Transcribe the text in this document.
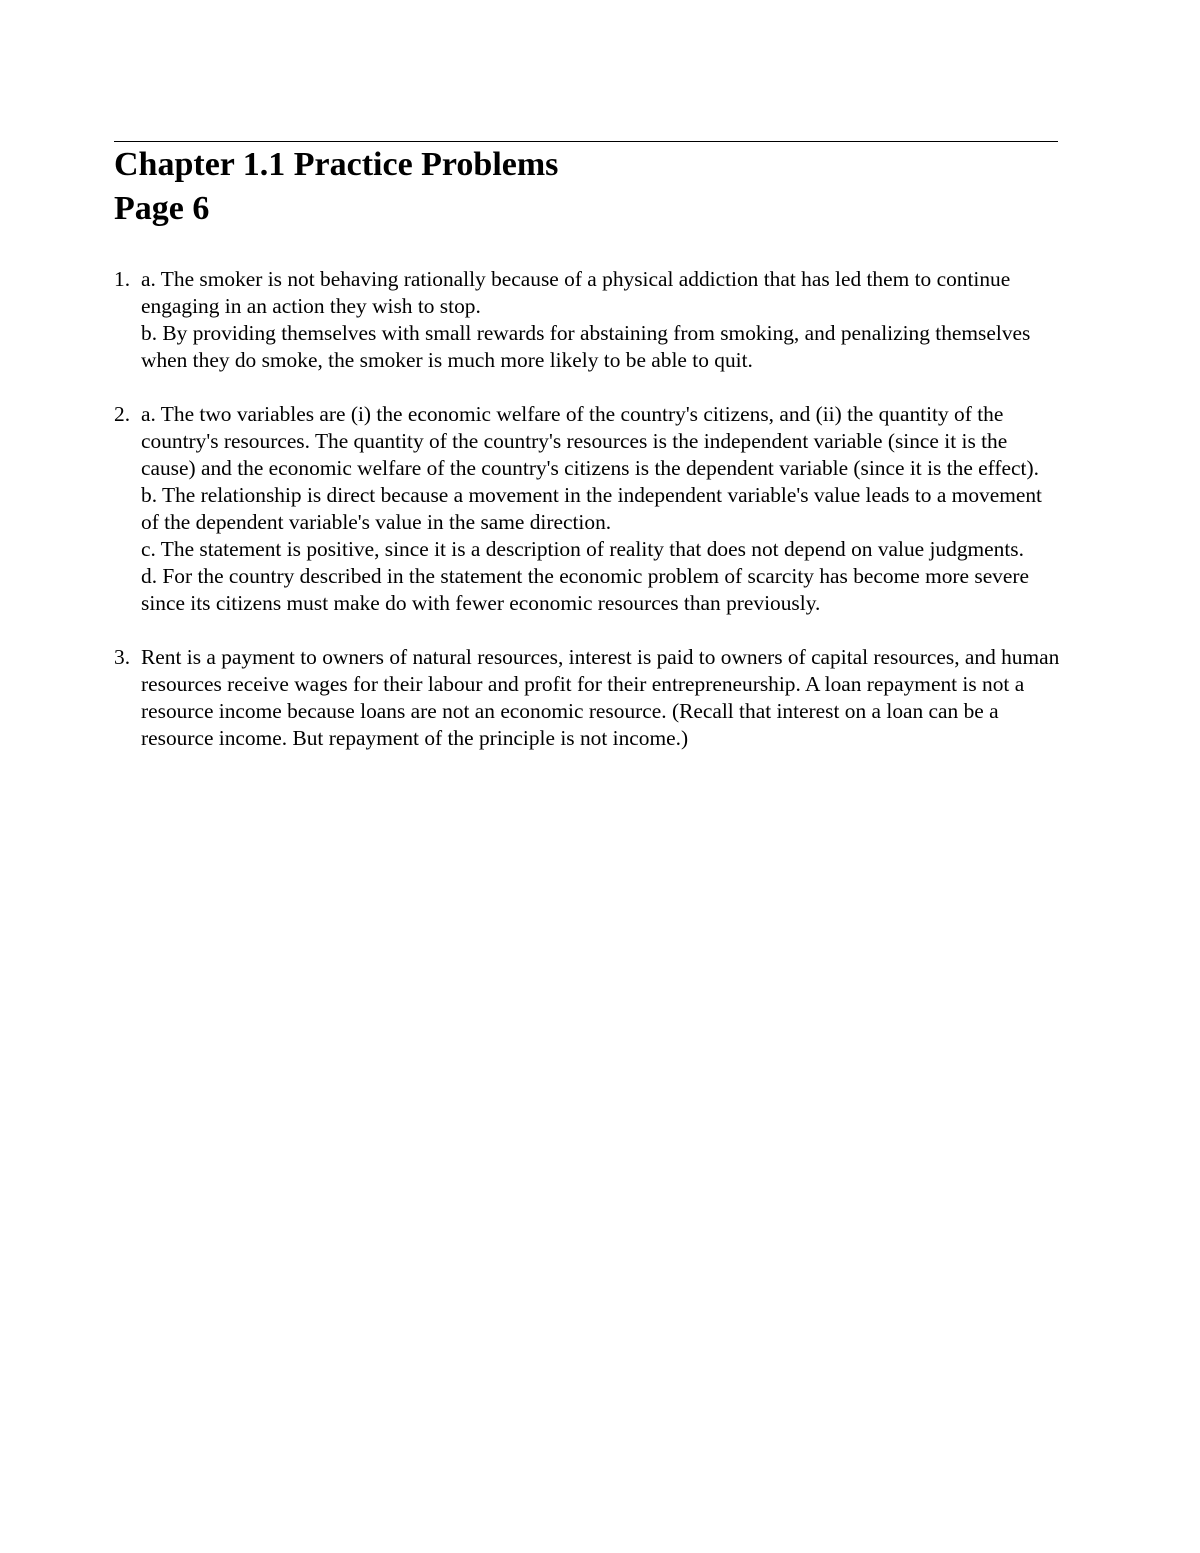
Chapter 1.1 Practice Problems
Page 6
1. a. The smoker is not behaving rationally because of a physical addiction that has led them to continue engaging in an action they wish to stop.

b. By providing themselves with small rewards for abstaining from smoking, and penalizing themselves when they do smoke, the smoker is much more likely to be able to quit.

2. a. The two variables are (i) the economic welfare of the country's citizens, and (ii) the quantity of the country's resources. The quantity of the country's resources is the independent variable (since it is the cause) and the economic welfare of the country's citizens is the dependent variable (since it is the effect).

b. The relationship is direct because a movement in the independent variable's value leads to a movement of the dependent variable's value in the same direction.

c. The statement is positive, since it is a description of reality that does not depend on value judgments.

d. For the country described in the statement the economic problem of scarcity has become more severe since its citizens must make do with fewer economic resources than previously.

3. Rent is a payment to owners of natural resources, interest is paid to owners of capital resources, and human resources receive wages for their labour and profit for their entrepreneurship. A loan repayment is not a resource income because loans are not an economic resource. (Recall that interest on a loan can be a resource income. But repayment of the principle is not income.)
